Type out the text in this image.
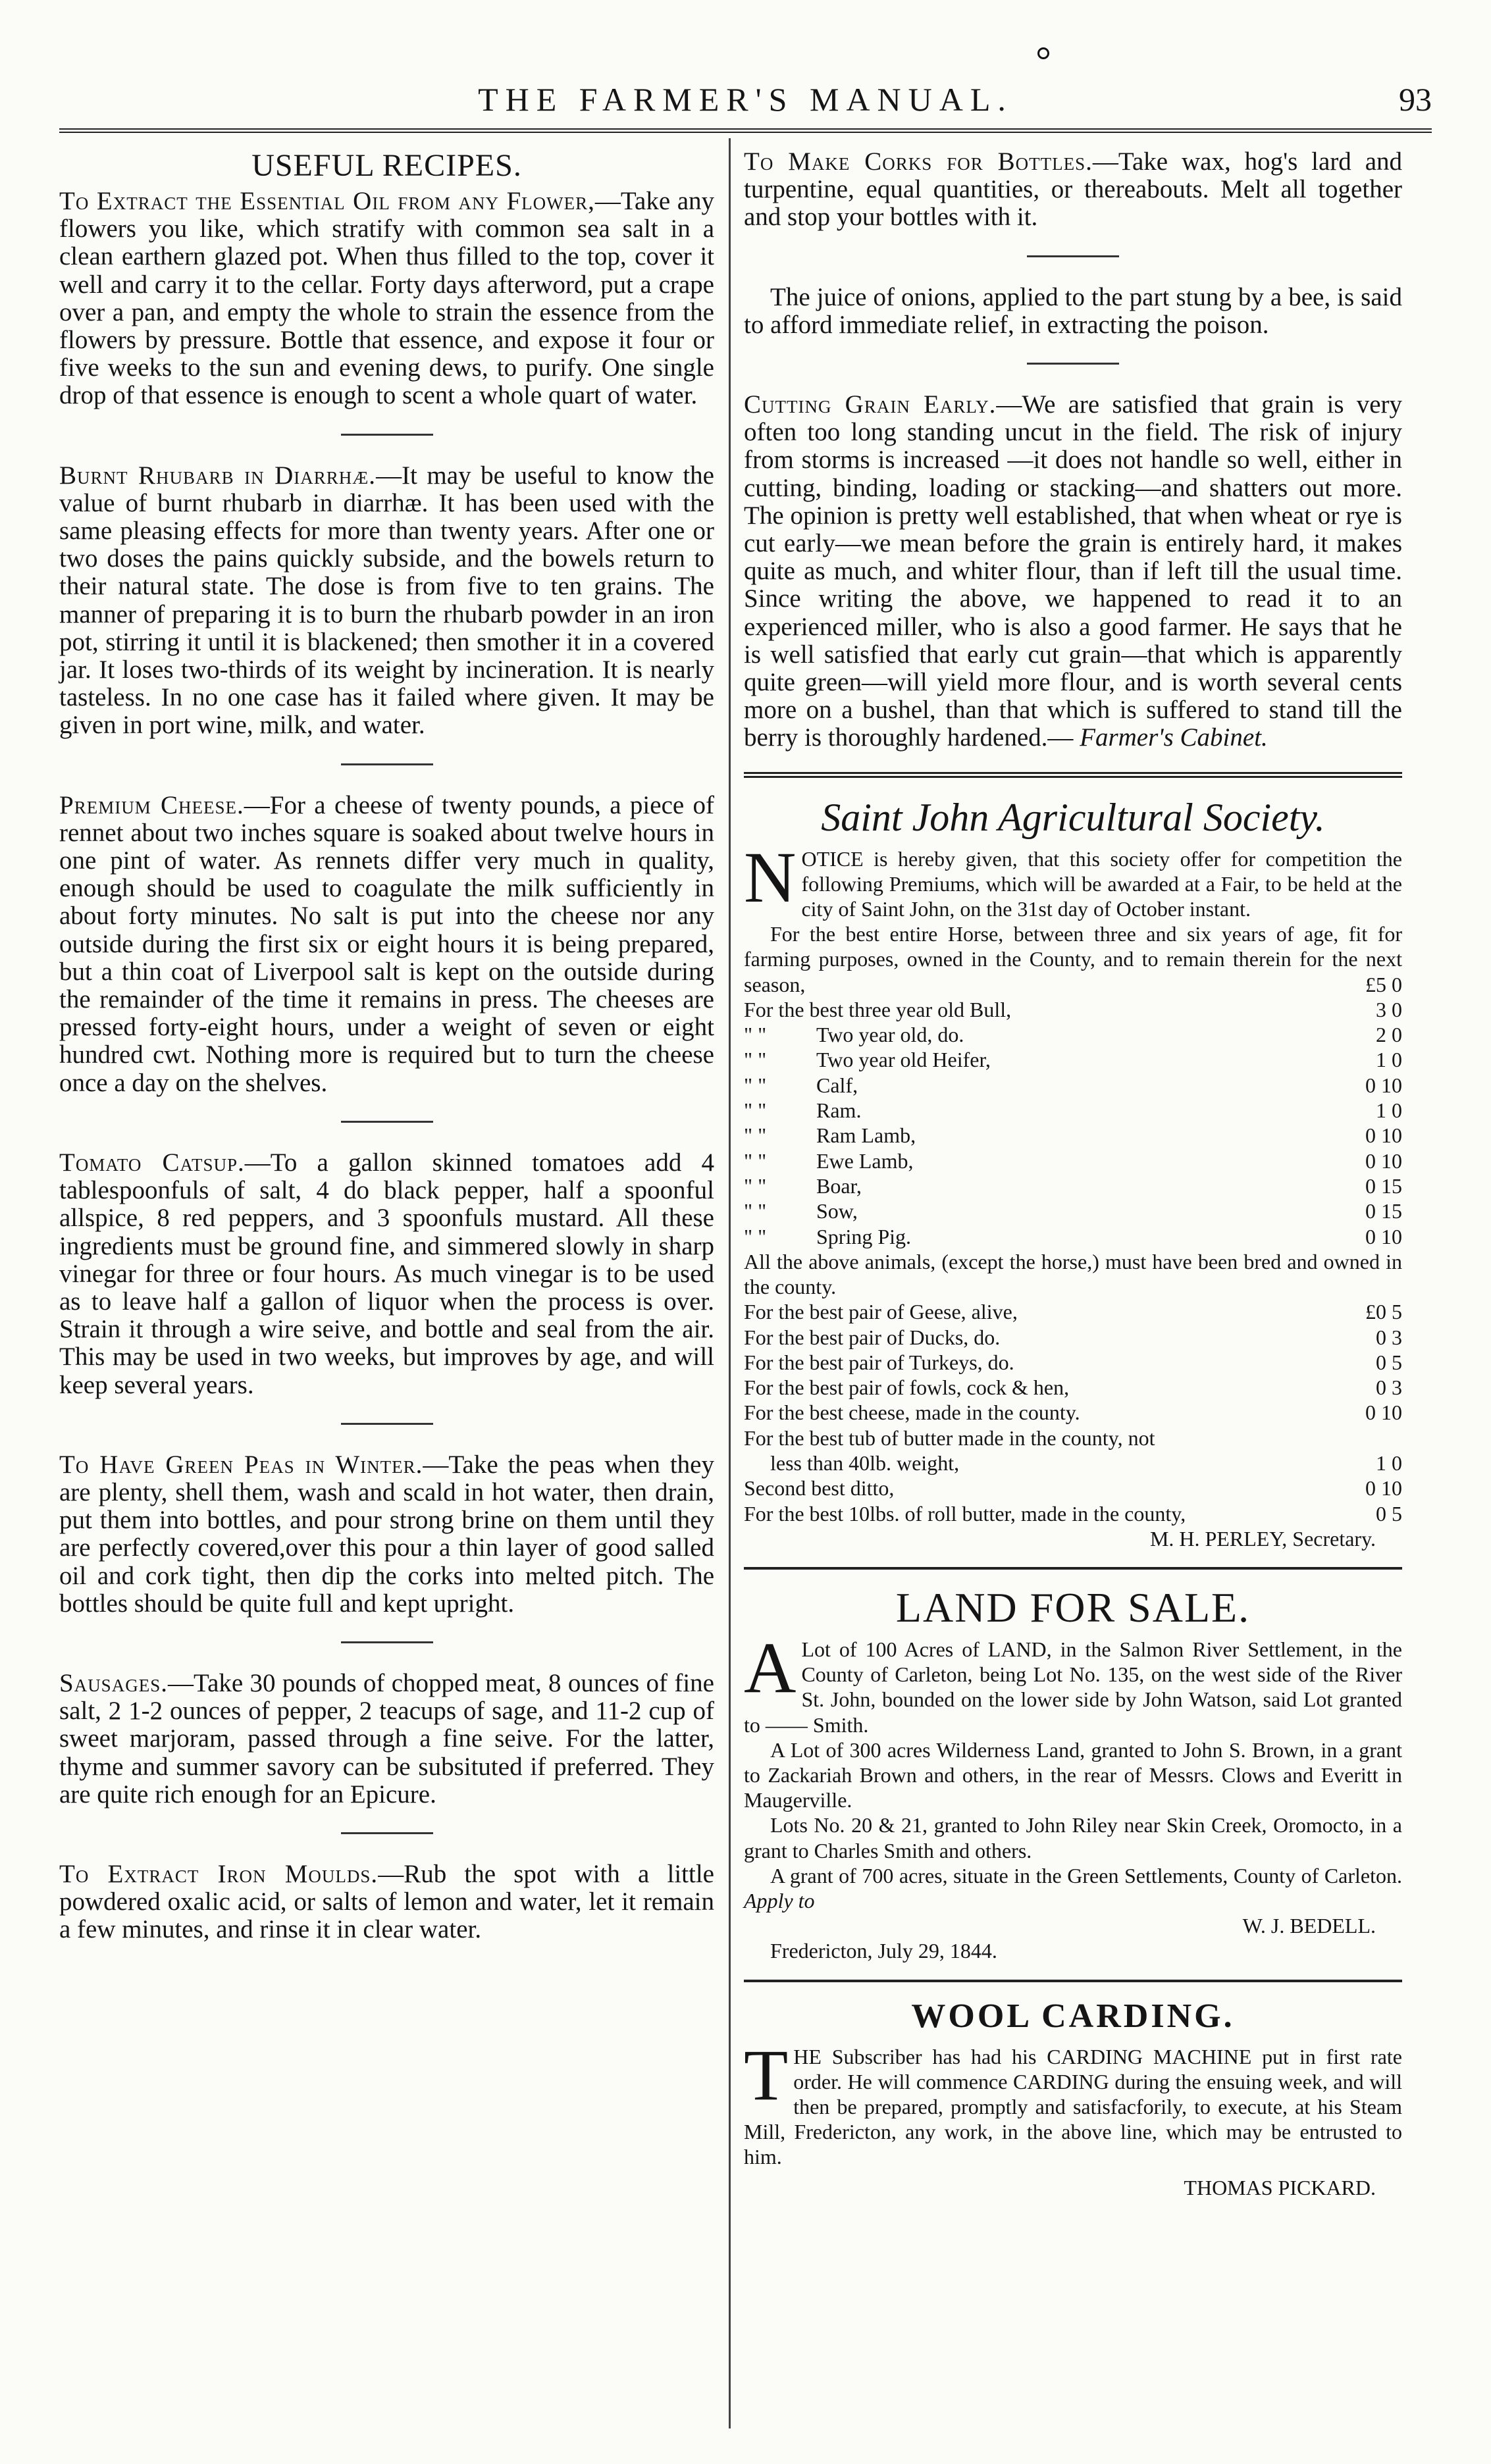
THE FARMER'S MANUAL.	93
USEFUL RECIPES.

To Extract the Essential Oil from any Flower,—Take any flowers you like, which stratify with common sea salt in a clean earthern glazed pot. When thus filled to the top, cover it well and carry it to the cellar. Forty days afterword, put a crape over a pan, and empty the whole to strain the essence from the flowers by pressure. Bottle that essence, and expose it four or five weeks to the sun and evening dews, to purify. One single drop of that essence is enough to scent a whole quart of water.

Burnt Rhubarb in Diarrhæ.—It may be useful to know the value of burnt rhubarb in diarrhæ. It has been used with the same pleasing effects for more than twenty years. After one or two doses the pains quickly subside, and the bowels return to their natural state. The dose is from five to ten grains. The manner of preparing it is to burn the rhubarb powder in an iron pot, stirring it until it is blackened; then smother it in a covered jar. It loses two-thirds of its weight by incineration. It is nearly tasteless. In no one case has it failed where given. It may be given in port wine, milk, and water.

Premium Cheese.—For a cheese of twenty pounds, a piece of rennet about two inches square is soaked about twelve hours in one pint of water. As rennets differ very much in quality, enough should be used to coagulate the milk sufficiently in about forty minutes. No salt is put into the cheese nor any outside during the first six or eight hours it is being prepared, but a thin coat of Liverpool salt is kept on the outside during the remainder of the time it remains in press. The cheeses are pressed forty-eight hours, under a weight of seven or eight hundred cwt. Nothing more is required but to turn the cheese once a day on the shelves.

Tomato Catsup.—To a gallon skinned tomatoes add 4 tablespoonfuls of salt, 4 do black pepper, half a spoonful allspice, 8 red peppers, and 3 spoonfuls mustard. All these ingredients must be ground fine, and simmered slowly in sharp vinegar for three or four hours. As much vinegar is to be used as to leave half a gallon of liquor when the process is over. Strain it through a wire seive, and bottle and seal from the air. This may be used in two weeks, but improves by age, and will keep several years.

To Have Green Peas in Winter.—Take the peas when they are plenty, shell them, wash and scald in hot water, then drain, put them into bottles, and pour strong brine on them until they are perfectly covered,over this pour a thin layer of good salled oil and cork tight, then dip the corks into melted pitch. The bottles should be quite full and kept upright.

Sausages.—Take 30 pounds of chopped meat, 8 ounces of fine salt, 2 1-2 ounces of pepper, 2 teacups of sage, and 11-2 cup of sweet marjoram, passed through a fine seive. For the latter, thyme and summer savory can be subsituted if preferred. They are quite rich enough for an Epicure.

To Extract Iron Moulds.—Rub the spot with a little powdered oxalic acid, or salts of lemon and water, let it remain a few minutes, and rinse it in clear water.

To Make Corks for Bottles.—Take wax, hog's lard and turpentine, equal quantities, or thereabouts. Melt all together and stop your bottles with it.

The juice of onions, applied to the part stung by a bee, is said to afford immediate relief, in extracting the poison.

Cutting Grain Early.—We are satisfied that grain is very often too long standing uncut in the field. The risk of injury from storms is increased —it does not handle so well, either in cutting, binding, loading or stacking—and shatters out more. The opinion is pretty well established, that when wheat or rye is cut early—we mean before the grain is entirely hard, it makes quite as much, and whiter flour, than if left till the usual time. Since writing the above, we happened to read it to an experienced miller, who is also a good farmer. He says that he is well satisfied that early cut grain—that which is apparently quite green—will yield more flour, and is worth several cents more on a bushel, than that which is suffered to stand till the berry is thoroughly hardened.— Farmer's Cabinet.

Saint John Agricultural Society.

NOTICE is hereby given, that this society offer for competition the following Premiums, which will be awarded at a Fair, to be held at the city of Saint John, on the 31st day of October instant.

For the best entire Horse, between three and six years of age, fit for farming purposes, owned in the County, and to remain therein for the next season,	£5 0

For the best three year old Bull,	3 0
" "	Two year old, do.	2 0
" "	Two year old Heifer,	1 0
" "	Calf,	0 10
" "	Ram.	1 0
" "	Ram Lamb,	0 10
" "	Ewe Lamb,	0 10
" "	Boar,	0 15
" "	Sow,	0 15
" "	Spring Pig.	0 10

All the above animals, (except the horse,) must have been bred and owned in the county.

For the best pair of Geese, alive,	£0 5
For the best pair of Ducks, do.	0 3
For the best pair of Turkeys, do.	0 5
For the best pair of fowls, cock & hen,	0 3
For the best cheese, made in the county.	0 10
For the best tub of butter made in the county, not
less than 40lb. weight,	1 0
Second best ditto,	0 10
For the best 10lbs. of roll butter, made in the county,	0 5
M. H. PERLEY, Secretary.
LAND FOR SALE.

A Lot of 100 Acres of LAND, in the Salmon River Settlement, in the County of Carleton, being Lot No. 135, on the west side of the River St. John, bounded on the lower side by John Watson, said Lot granted to —— Smith.

A Lot of 300 acres Wilderness Land, granted to John S. Brown, in a grant to Zackariah Brown and others, in the rear of Messrs. Clows and Everitt in Maugerville.

Lots No. 20 & 21, granted to John Riley near Skin Creek, Oromocto, in a grant to Charles Smith and others.

A grant of 700 acres, situate in the Green Settlements, County of Carleton. Apply to

W. J. BEDELL.
Fredericton, July 29, 1844.
WOOL CARDING.

THE Subscriber has had his CARDING MACHINE put in first rate order. He will commence CARDING during the ensuing week, and will then be prepared, promptly and satisfacforily, to execute, at his Steam Mill, Fredericton, any work, in the above line, which may be entrusted to him.

THOMAS PICKARD.
